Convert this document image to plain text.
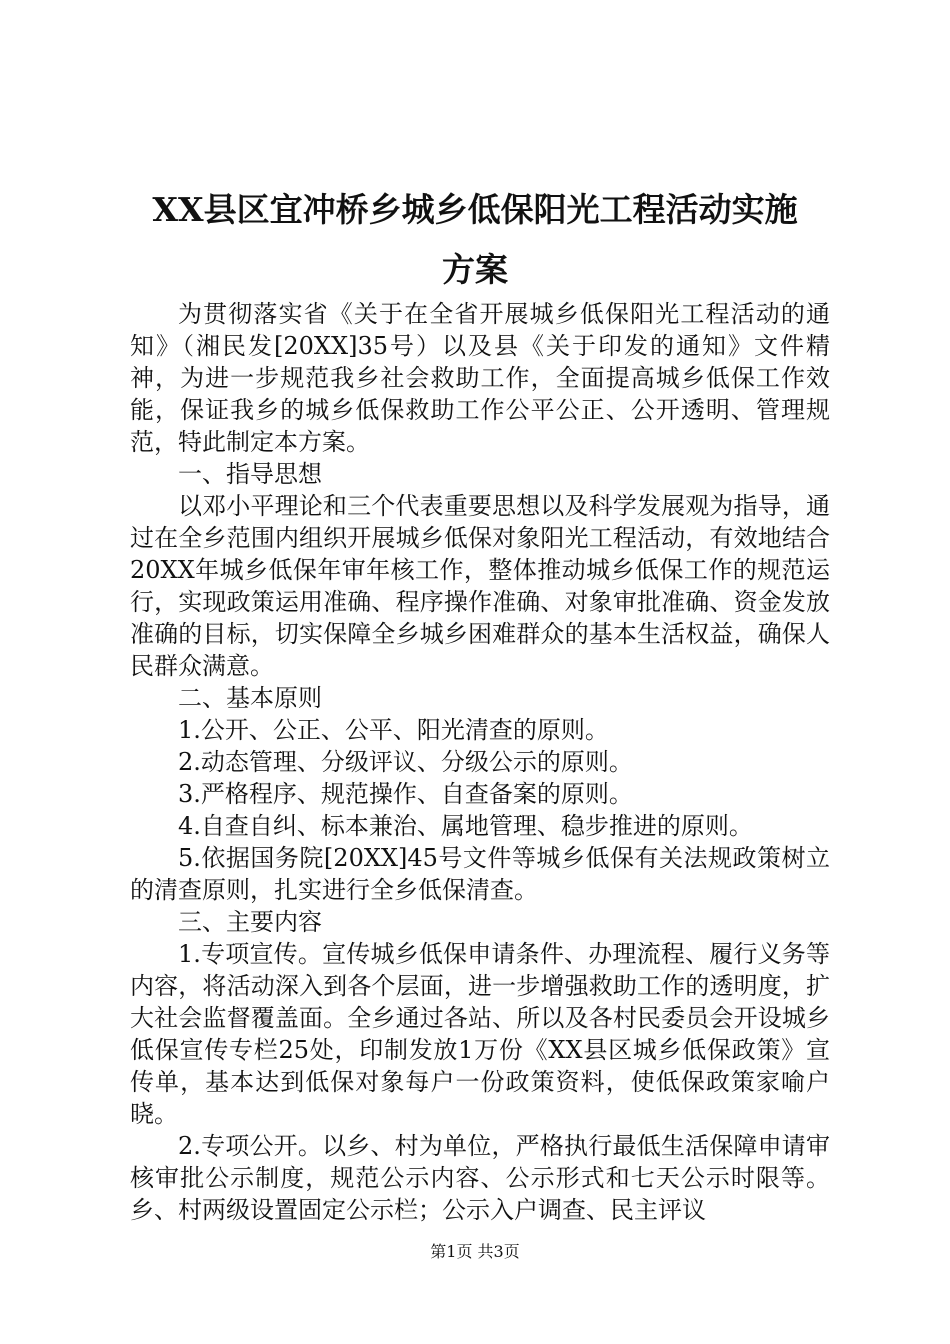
XX县区宜冲桥乡城乡低保阳光工程活动实施
方案

为贯彻落实省《关于在全省开展城乡低保阳光工程活动的通知》（湘民发[20XX]35号）以及县《关于印发的通知》文件精神，为进一步规范我乡社会救助工作，全面提高城乡低保工作效能，保证我乡的城乡低保救助工作公平公正、公开透明、管理规范，特此制定本方案。

一、指导思想

以邓小平理论和三个代表重要思想以及科学发展观为指导，通过在全乡范围内组织开展城乡低保对象阳光工程活动，有效地结合20XX年城乡低保年审年核工作，整体推动城乡低保工作的规范运行，实现政策运用准确、程序操作准确、对象审批准确、资金发放准确的目标，切实保障全乡城乡困难群众的基本生活权益，确保人民群众满意。

二、基本原则

1.公开、公正、公平、阳光清查的原则。

2.动态管理、分级评议、分级公示的原则。

3.严格程序、规范操作、自查备案的原则。

4.自查自纠、标本兼治、属地管理、稳步推进的原则。

5.依据国务院[20XX]45号文件等城乡低保有关法规政策树立的清查原则，扎实进行全乡低保清查。

三、主要内容

1.专项宣传。宣传城乡低保申请条件、办理流程、履行义务等内容，将活动深入到各个层面，进一步增强救助工作的透明度，扩大社会监督覆盖面。全乡通过各站、所以及各村民委员会开设城乡低保宣传专栏25处，印制发放1万份《XX县区城乡低保政策》宣传单，基本达到低保对象每户一份政策资料，使低保政策家喻户晓。

2.专项公开。以乡、村为单位，严格执行最低生活保障申请审核审批公示制度，规范公示内容、公示形式和七天公示时限等。乡、村两级设置固定公示栏；公示入户调查、民主评议

第1页 共3页
